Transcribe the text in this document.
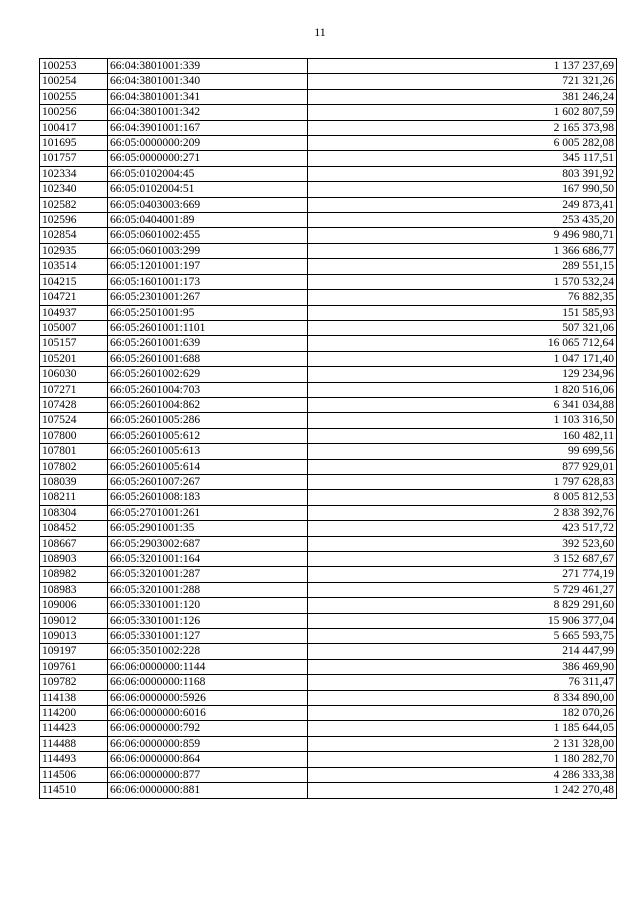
11
100253	66:04:3801001:339	1 137 237,69
100254	66:04:3801001:340	721 321,26
100255	66:04:3801001:341	381 246,24
100256	66:04:3801001:342	1 602 807,59
100417	66:04:3901001:167	2 165 373,98
101695	66:05:0000000:209	6 005 282,08
101757	66:05:0000000:271	345 117,51
102334	66:05:0102004:45	803 391,92
102340	66:05:0102004:51	167 990,50
102582	66:05:0403003:669	249 873,41
102596	66:05:0404001:89	253 435,20
102854	66:05:0601002:455	9 496 980,71
102935	66:05:0601003:299	1 366 686,77
103514	66:05:1201001:197	289 551,15
104215	66:05:1601001:173	1 570 532,24
104721	66:05:2301001:267	76 882,35
104937	66:05:2501001:95	151 585,93
105007	66:05:2601001:1101	507 321,06
105157	66:05:2601001:639	16 065 712,64
105201	66:05:2601001:688	1 047 171,40
106030	66:05:2601002:629	129 234,96
107271	66:05:2601004:703	1 820 516,06
107428	66:05:2601004:862	6 341 034,88
107524	66:05:2601005:286	1 103 316,50
107800	66:05:2601005:612	160 482,11
107801	66:05:2601005:613	99 699,56
107802	66:05:2601005:614	877 929,01
108039	66:05:2601007:267	1 797 628,83
108211	66:05:2601008:183	8 005 812,53
108304	66:05:2701001:261	2 838 392,76
108452	66:05:2901001:35	423 517,72
108667	66:05:2903002:687	392 523,60
108903	66:05:3201001:164	3 152 687,67
108982	66:05:3201001:287	271 774,19
108983	66:05:3201001:288	5 729 461,27
109006	66:05:3301001:120	8 829 291,60
109012	66:05:3301001:126	15 906 377,04
109013	66:05:3301001:127	5 665 593,75
109197	66:05:3501002:228	214 447,99
109761	66:06:0000000:1144	386 469,90
109782	66:06:0000000:1168	76 311,47
114138	66:06:0000000:5926	8 334 890,00
114200	66:06:0000000:6016	182 070,26
114423	66:06:0000000:792	1 185 644,05
114488	66:06:0000000:859	2 131 328,00
114493	66:06:0000000:864	1 180 282,70
114506	66:06:0000000:877	4 286 333,38
114510	66:06:0000000:881	1 242 270,48
